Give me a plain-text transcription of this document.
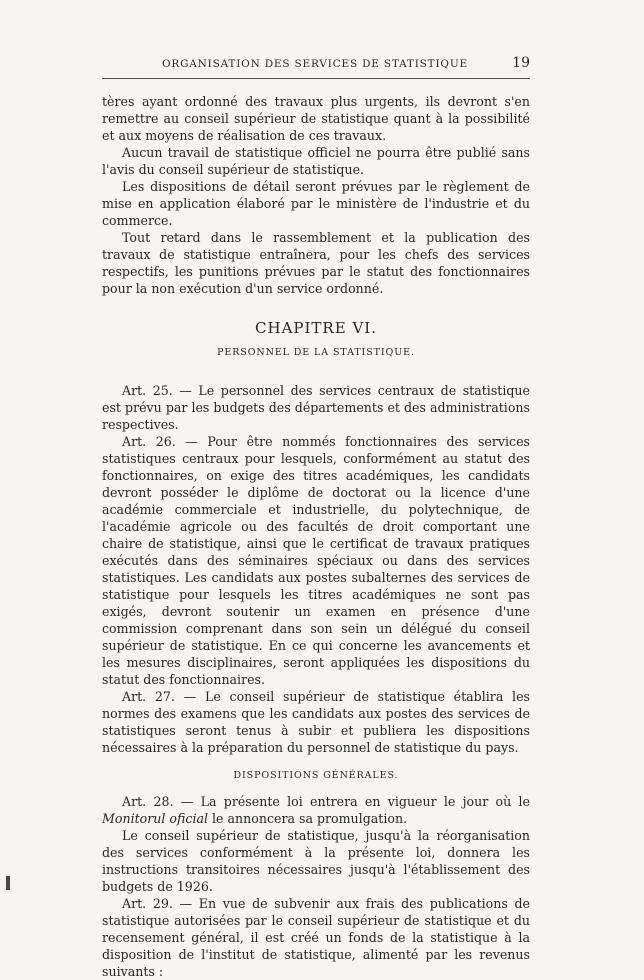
ORGANISATION DES SERVICES DE STATISTIQUE	19

tères ayant ordonné des travaux plus urgents, ils devront s'en remettre au conseil supérieur de statistique quant à la possibilité et aux moyens de réalisation de ces travaux.

Aucun travail de statistique officiel ne pourra être publié sans l'avis du conseil supérieur de statistique.

Les dispositions de détail seront prévues par le règlement de mise en application élaboré par le ministère de l'industrie et du commerce.

Tout retard dans le rassemblement et la publication des travaux de statistique entraînera, pour les chefs des services respectifs, les punitions prévues par le statut des fonctionnaires pour la non exécution d'un service ordonné.

CHAPITRE VI.

PERSONNEL DE LA STATISTIQUE.

Art. 25. — Le personnel des services centraux de statistique est prévu par les budgets des départements et des administrations respectives.

Art. 26. — Pour être nommés fonctionnaires des services statistiques centraux pour lesquels, conformément au statut des fonctionnaires, on exige des titres académiques, les candidats devront posséder le diplôme de doctorat ou la licence d'une académie commerciale et industrielle, du polytechnique, de l'académie agricole ou des facultés de droit comportant une chaire de statistique, ainsi que le certificat de travaux pratiques exécutés dans des séminaires spéciaux ou dans des services statistiques. Les candidats aux postes subalternes des services de statistique pour lesquels les titres académiques ne sont pas exigés, devront soutenir un examen en présence d'une commission comprenant dans son sein un délégué du conseil supérieur de statistique. En ce qui concerne les avancements et les mesures disciplinaires, seront appliquées les dispositions du statut des fonctionnaires.

Art. 27. — Le conseil supérieur de statistique établira les normes des examens que les candidats aux postes des services de statistiques seront tenus à subir et publiera les dispositions nécessaires à la préparation du personnel de statistique du pays.

DISPOSITIONS GÉNÉRALES.

Art. 28. — La présente loi entrera en vigueur le jour où le Monitorul oficial le annoncera sa promulgation.

Le conseil supérieur de statistique, jusqu'à la réorganisation des services conformément à la présente loi, donnera les instructions transitoires nécessaires jusqu'à l'établissement des budgets de 1926.

Art. 29. — En vue de subvenir aux frais des publications de statistique autorisées par le conseil supérieur de statistique et du recensement général, il est créé un fonds de la statistique à la disposition de l'institut de statistique, alimenté par les revenus suivants :
